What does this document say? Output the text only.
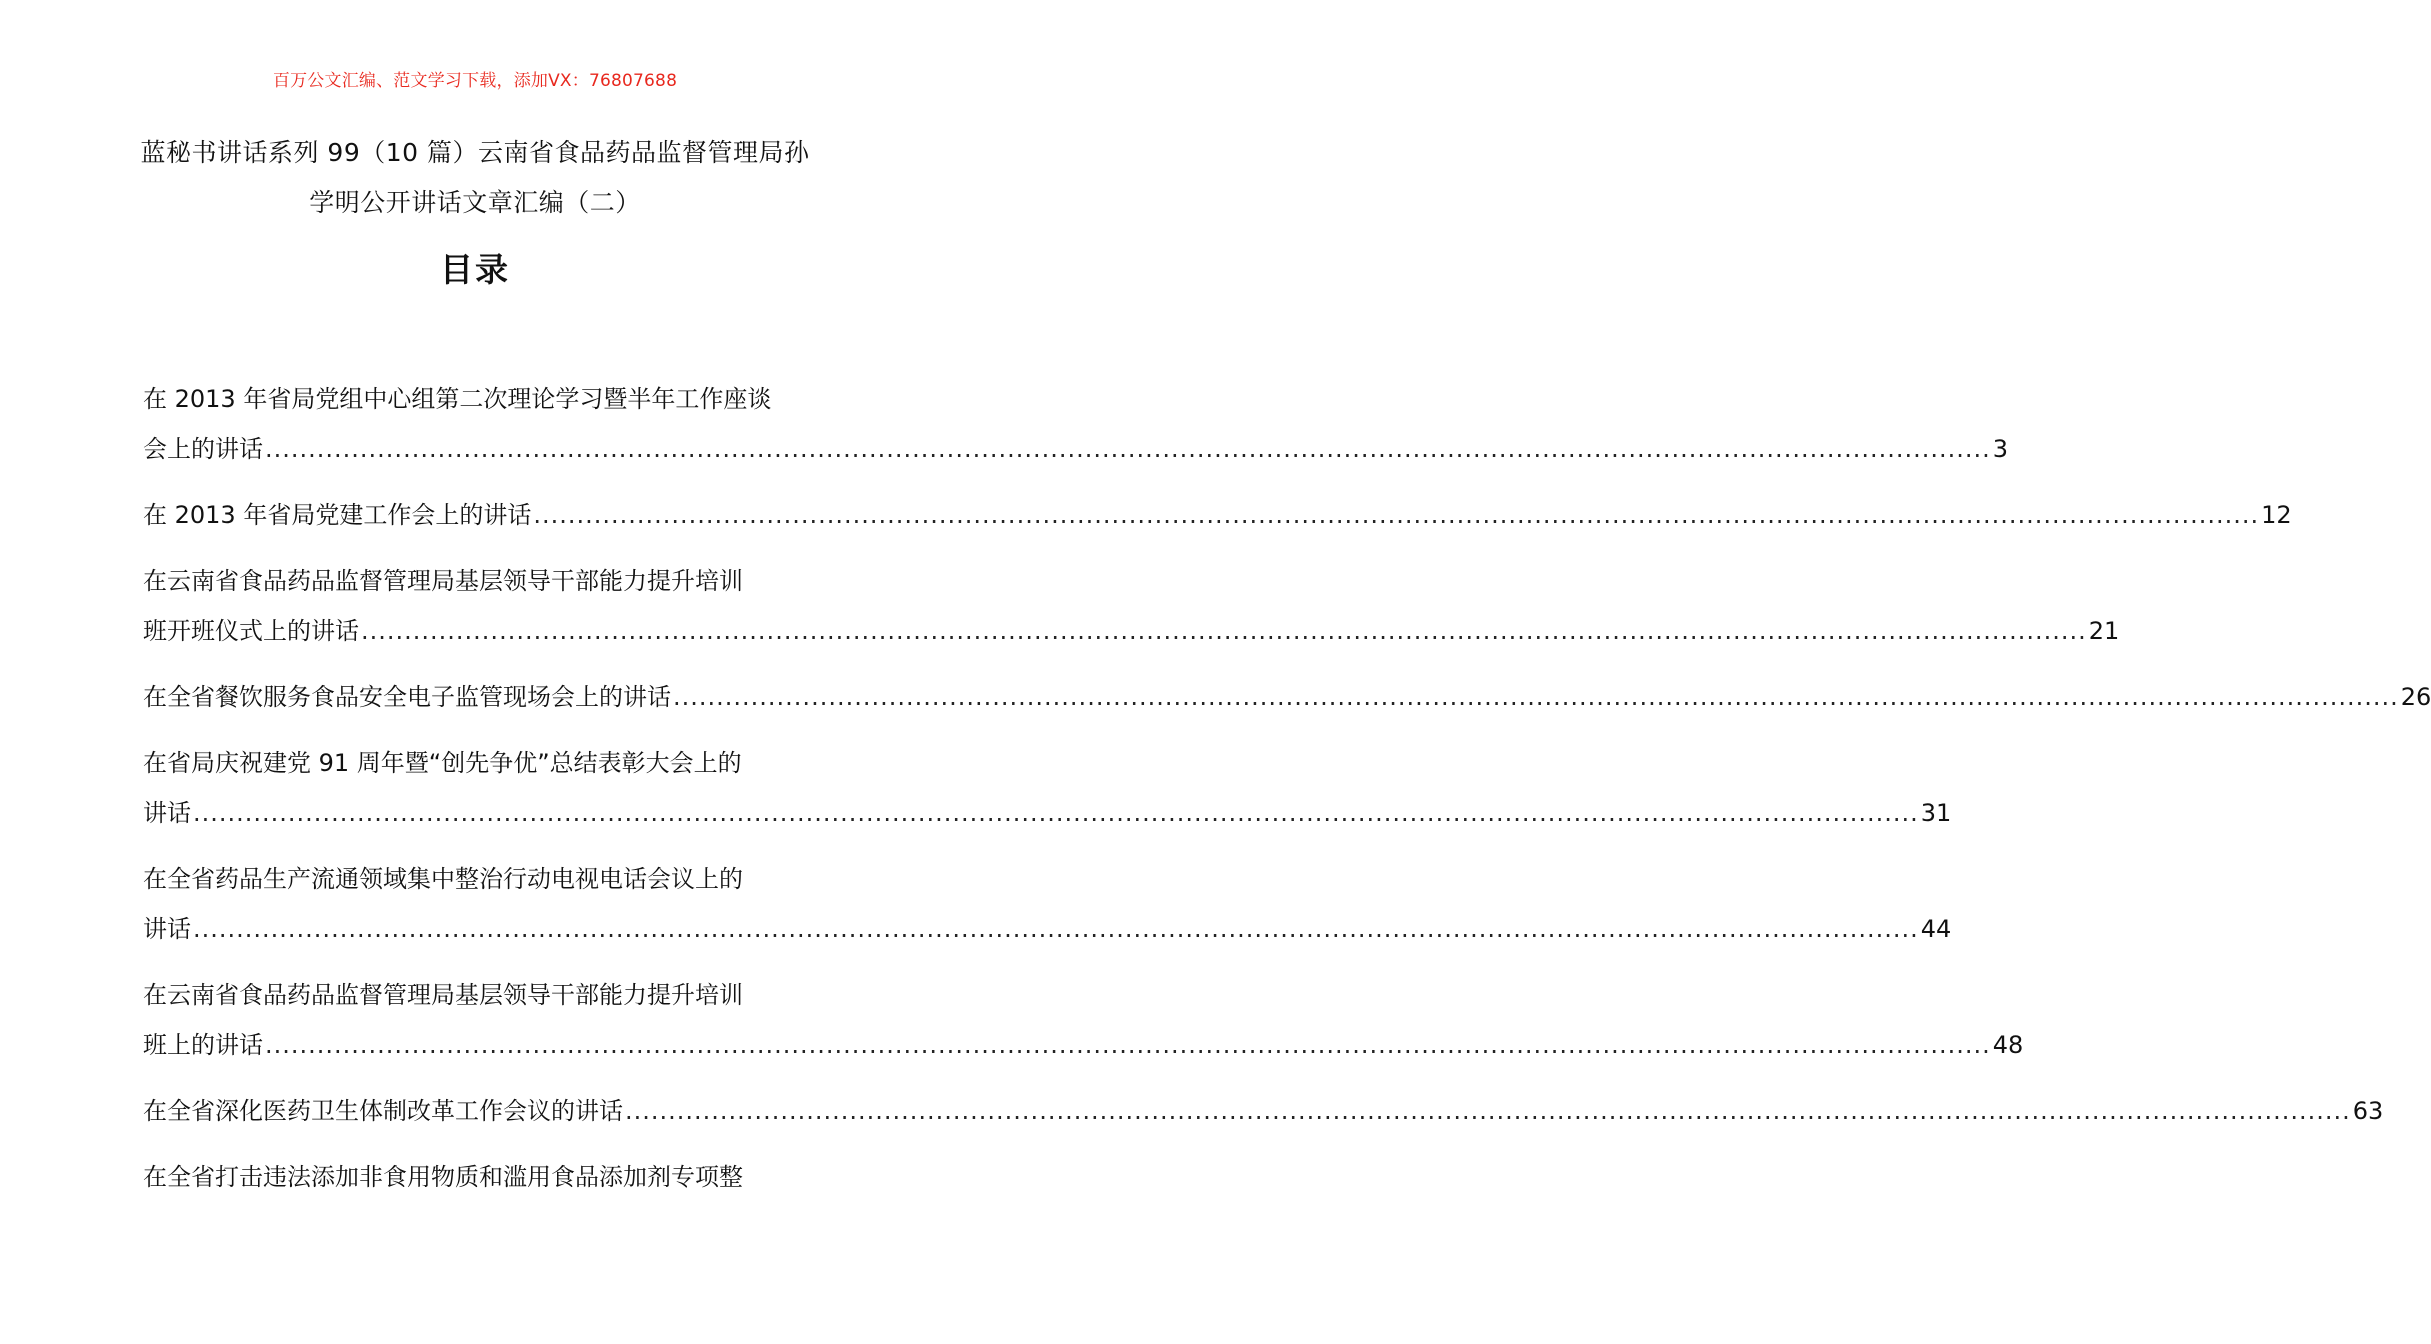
百万公文汇编、范文学习下载，添加VX：76807688
蓝秘书讲话系列 99（10 篇）云南省食品药品监督管理局孙
学明公开讲话文章汇编（二）
目录
在 2013 年省局党组中心组第二次理论学习暨半年工作座谈
会上的讲话 ........................................................................................................................................................................................................ 3
在 2013 年省局党建工作会上的讲话 ........................................................................................................................................................................................................ 12
在云南省食品药品监督管理局基层领导干部能力提升培训
班开班仪式上的讲话 ........................................................................................................................................................................................................ 21
在全省餐饮服务食品安全电子监管现场会上的讲话 ........................................................................................................................................................................................................ 26
在省局庆祝建党 91 周年暨“创先争优”总结表彰大会上的
讲话 ........................................................................................................................................................................................................ 31
在全省药品生产流通领域集中整治行动电视电话会议上的
讲话 ........................................................................................................................................................................................................ 44
在云南省食品药品监督管理局基层领导干部能力提升培训
班上的讲话 ........................................................................................................................................................................................................ 48
在全省深化医药卫生体制改革工作会议的讲话 ........................................................................................................................................................................................................ 63
在全省打击违法添加非食用物质和滥用食品添加剂专项整
